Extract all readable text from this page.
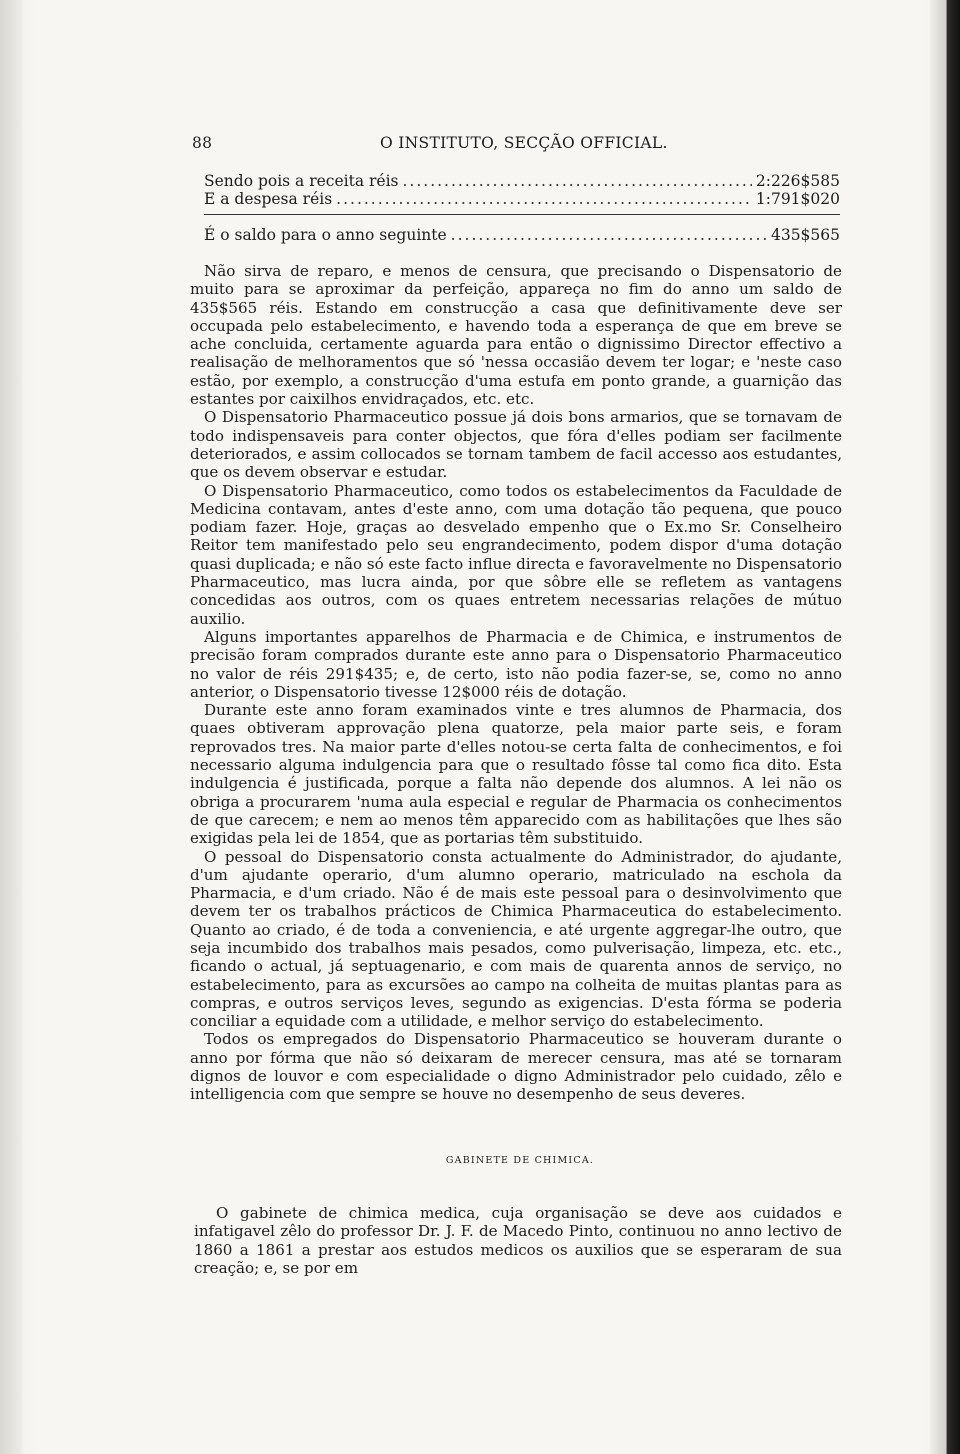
88	O INSTITUTO, SECÇÃO OFFICIAL.
Sendo pois a receita réis .....	2:226$585
E a despesa réis .....	1:791$020
É o saldo para o anno seguinte .....	435$565

Não sirva de reparo, e menos de censura, que precisando o Dispensatorio de muito para se aproximar da perfeição, appareça no fim do anno um saldo de 435$565 réis. Estando em construcção a casa que definitivamente deve ser occupada pelo estabelecimento, e havendo toda a esperança de que em breve se ache concluida, certamente aguarda para então o dignissimo Director effectivo a realisação de melhoramentos que só 'nessa occasião devem ter logar; e 'neste caso estão, por exemplo, a construcção d'uma estufa em ponto grande, a guarnição das estantes por caixilhos envidraçados, etc. etc.

O Dispensatorio Pharmaceutico possue já dois bons armarios, que se tornavam de todo indispensaveis para conter objectos, que fóra d'elles podiam ser facilmente deteriorados, e assim collocados se tornam tambem de facil accesso aos estudantes, que os devem observar e estudar.

O Dispensatorio Pharmaceutico, como todos os estabelecimentos da Faculdade de Medicina contavam, antes d'este anno, com uma dotação tão pequena, que pouco podiam fazer. Hoje, graças ao desvelado empenho que o Ex.mo Sr. Conselheiro Reitor tem manifestado pelo seu engrandecimento, podem dispor d'uma dotação quasi duplicada; e não só este facto influe directa e favoravelmente no Dispensatorio Pharmaceutico, mas lucra ainda, por que sôbre elle se refletem as vantagens concedidas aos outros, com os quaes entretem necessarias relações de mútuo auxilio.

Alguns importantes apparelhos de Pharmacia e de Chimica, e instrumentos de precisão foram comprados durante este anno para o Dispensatorio Pharmaceutico no valor de réis 291$435; e, de certo, isto não podia fazer-se, se, como no anno anterior, o Dispensatorio tivesse 12$000 réis de dotação.

Durante este anno foram examinados vinte e tres alumnos de Pharmacia, dos quaes obtiveram approvação plena quatorze, pela maior parte seis, e foram reprovados tres. Na maior parte d'elles notou-se certa falta de conhecimentos, e foi necessario alguma indulgencia para que o resultado fôsse tal como fica dito. Esta indulgencia é justificada, porque a falta não depende dos alumnos. A lei não os obriga a procurarem 'numa aula especial e regular de Pharmacia os conhecimentos de que carecem; e nem ao menos têm apparecido com as habilitações que lhes são exigidas pela lei de 1854, que as portarias têm substituido.

O pessoal do Dispensatorio consta actualmente do Administrador, do ajudante, d'um ajudante operario, d'um alumno operario, matriculado na eschola da Pharmacia, e d'um criado. Não é de mais este pessoal para o desinvolvimento que devem ter os trabalhos prácticos de Chimica Pharmaceutica do estabelecimento. Quanto ao criado, é de toda a conveniencia, e até urgente aggregar-lhe outro, que seja incumbido dos trabalhos mais pesados, como pulverisação, limpeza, etc. etc., ficando o actual, já septuagenario, e com mais de quarenta annos de serviço, no estabelecimento, para as excursões ao campo na colheita de muitas plantas para as compras, e outros serviços leves, segundo as exigencias. D'esta fórma se poderia conciliar a equidade com a utilidade, e melhor serviço do estabelecimento.

Todos os empregados do Dispensatorio Pharmaceutico se houveram durante o anno por fórma que não só deixaram de merecer censura, mas até se tornaram dignos de louvor e com especialidade o digno Administrador pelo cuidado, zêlo e intelligencia com que sempre se houve no desempenho de seus deveres.

GABINETE DE CHIMICA.

O gabinete de chimica medica, cuja organisação se deve aos cuidados e infatigavel zêlo do professor Dr. J. F. de Macedo Pinto, continuou no anno lectivo de 1860 a 1861 a prestar aos estudos medicos os auxilios que se esperaram de sua creação; e, se por em
